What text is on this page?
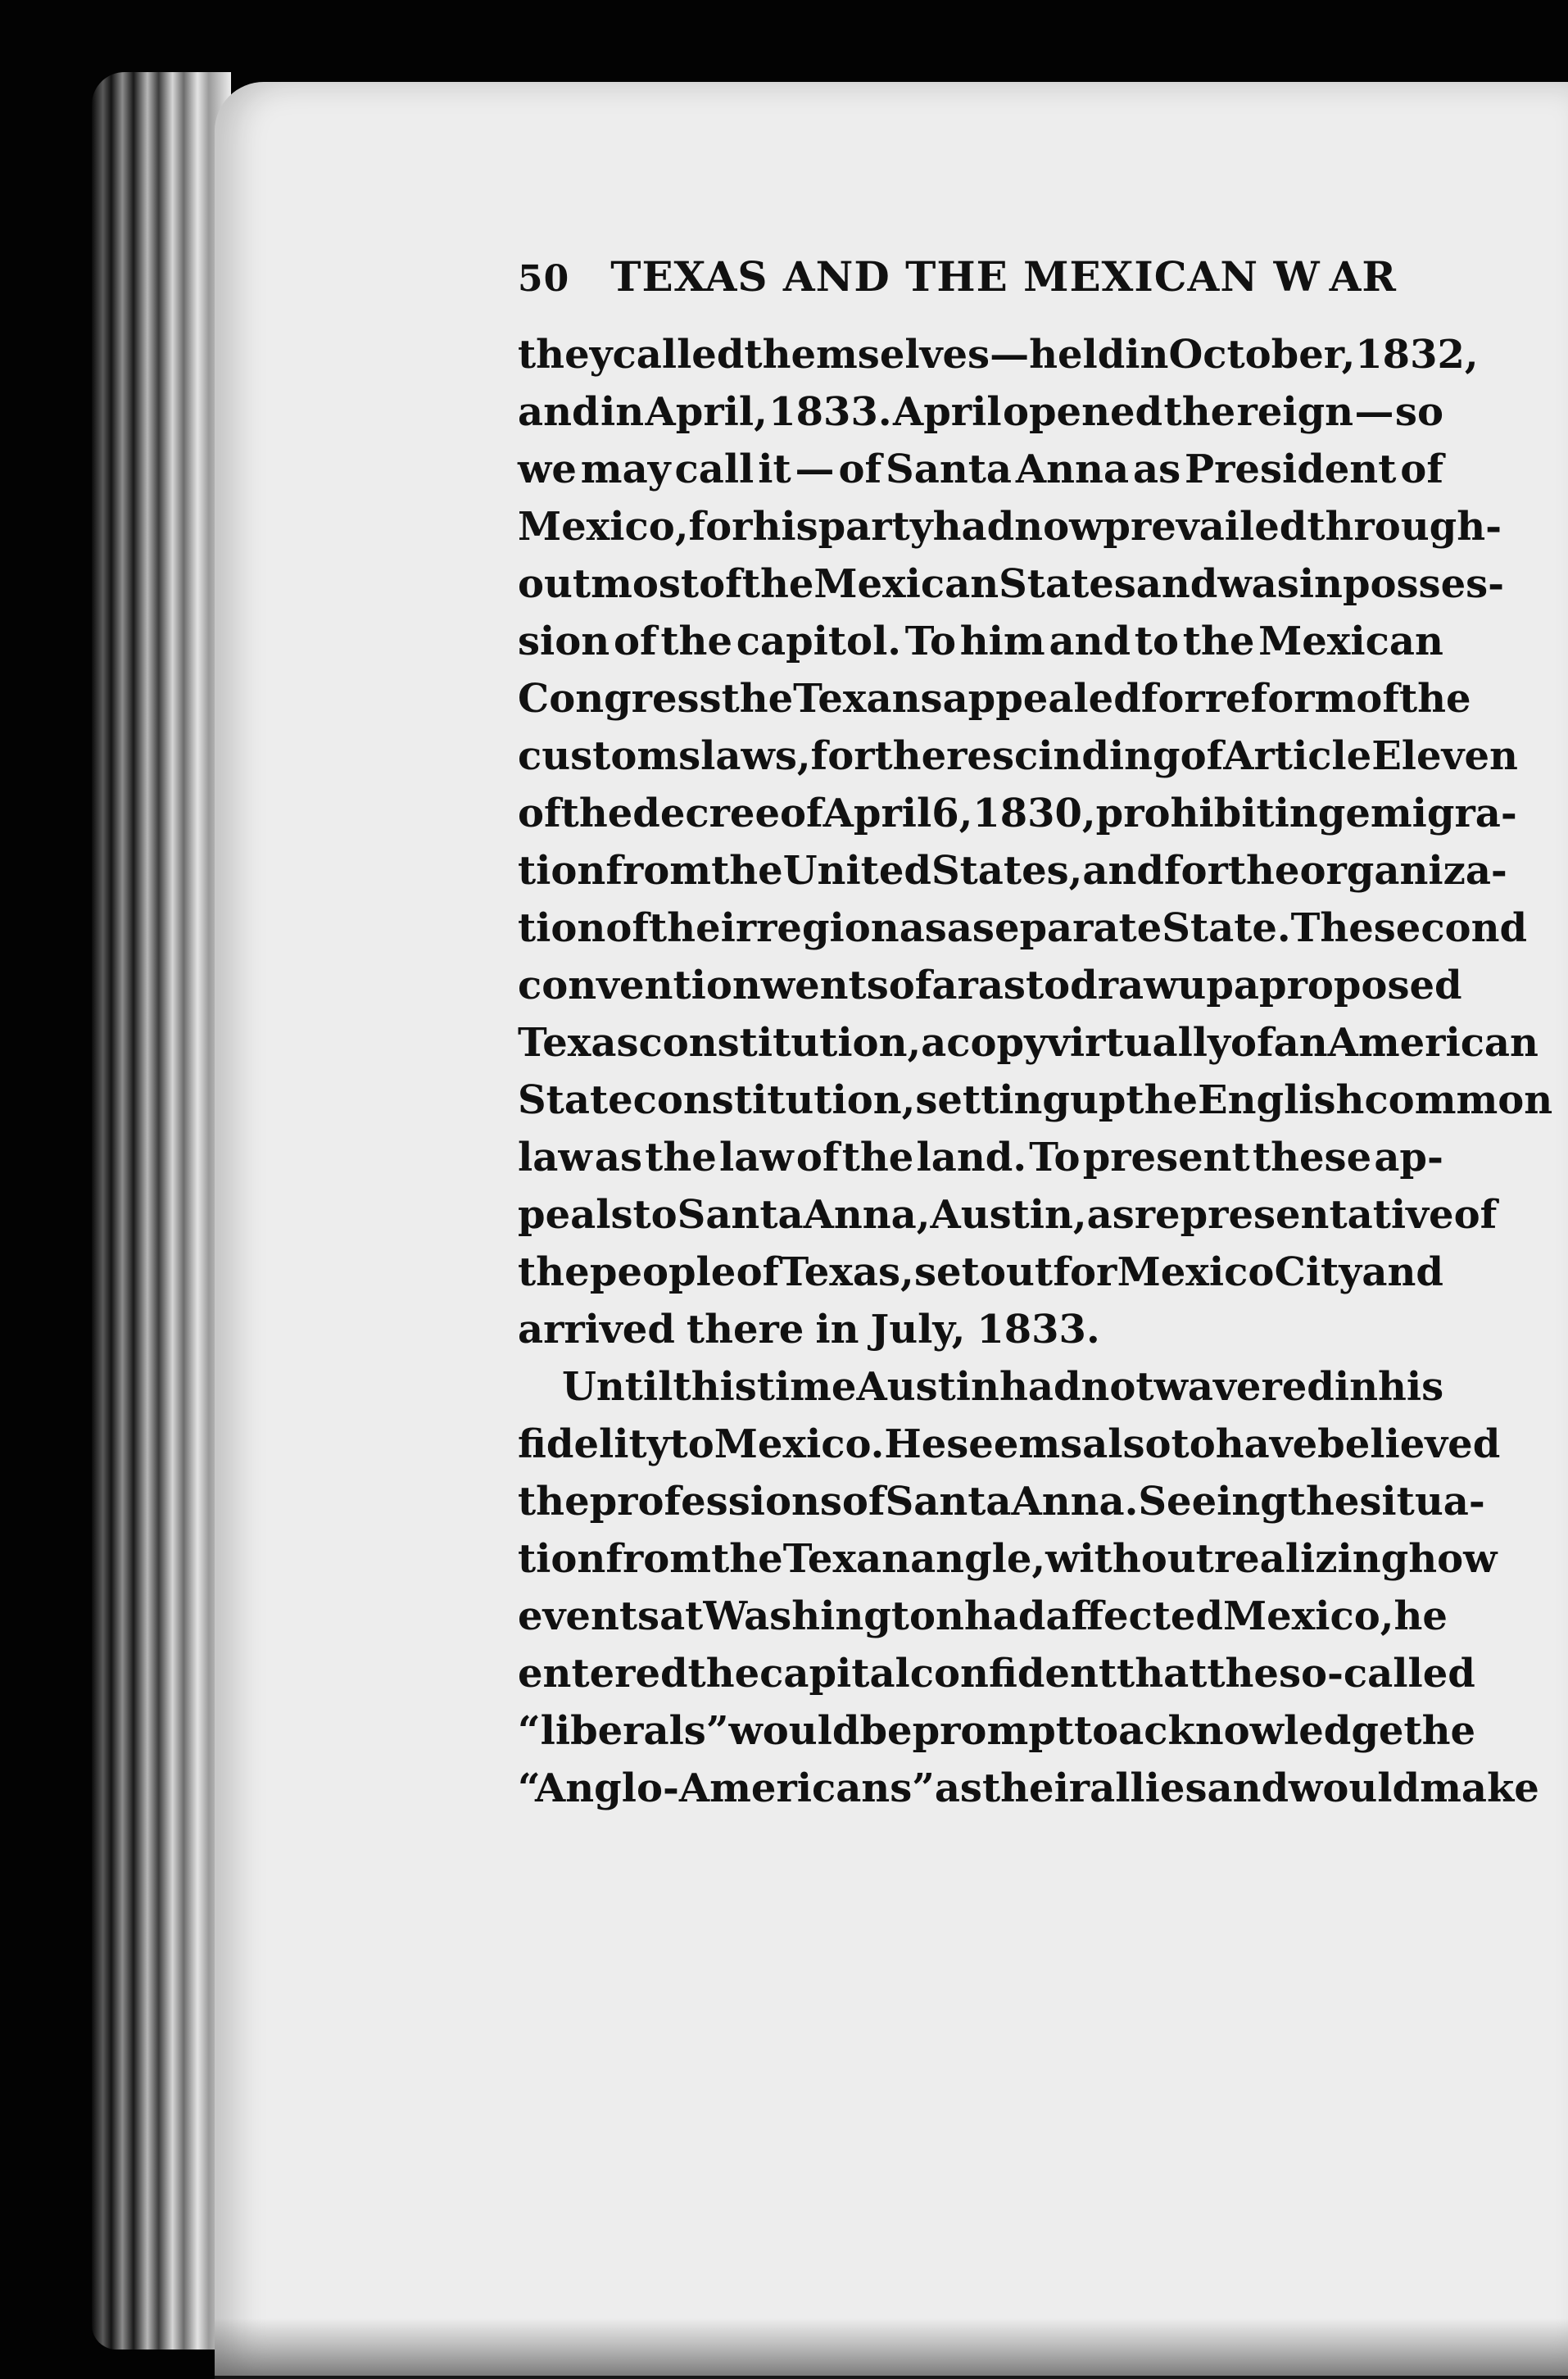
50 TEXAS AND THE MEXICAN W AR
they called themselves — held in October, 1832,
and in April, 1833. April opened the reign — so
we may call it — of Santa Anna as President of
Mexico, for his party had now prevailed through-
out most of the Mexican States and was in posses-
sion of the capitol. To him and to the Mexican
Congress the Texans appealed for reform of the
customs laws, for the rescinding of Article Eleven
of the decree of April 6, 1830, prohibiting emigra-
tion from the United States, and for the organiza-
tion of their region as a separate State. The second
convention went so far as to draw up a proposed
Texas constitution, a copy virtually of an American
State constitution, setting up the English common
law as the law of the land. To present these ap-
peals to Santa Anna, Austin, as representative of
the people of Texas, set out for Mexico City and
arrived there in July, 1833.
Until this time Austin had not wavered in his
fidelity to Mexico. He seems also to have believed
the professions of Santa Anna. Seeing the situa-
tion from the Texan angle, without realizing how
events at Washington had affected Mexico, he
entered the capital confident that the so-called
“liberals” would be prompt to acknowledge the
“Anglo-Americans” as their allies and would make
